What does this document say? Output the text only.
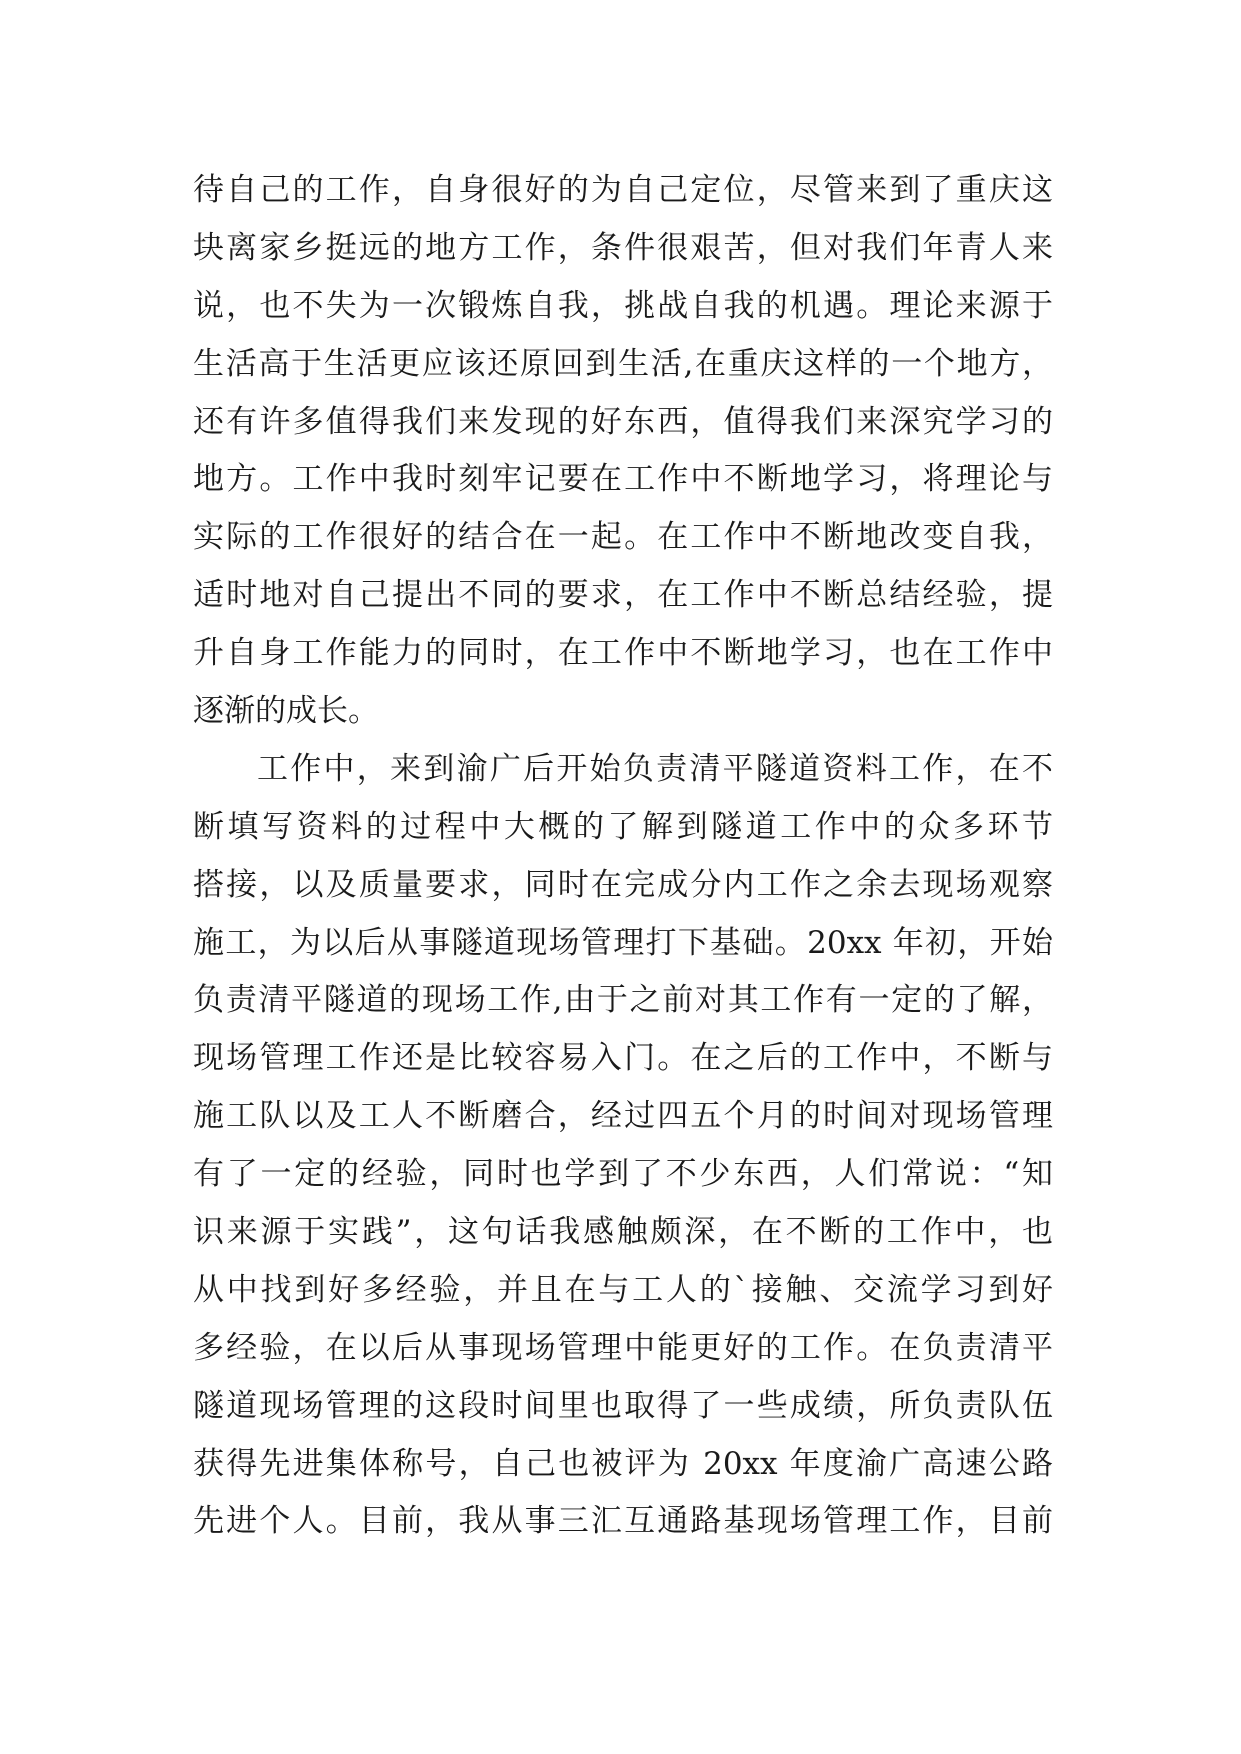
待自己的工作，自身很好的为自己定位，尽管来到了重庆这
块离家乡挺远的地方工作，条件很艰苦，但对我们年青人来
说，也不失为一次锻炼自我，挑战自我的机遇。理论来源于
生活高于生活更应该还原回到生活,在重庆这样的一个地方，
还有许多值得我们来发现的好东西，值得我们来深究学习的
地方。工作中我时刻牢记要在工作中不断地学习，将理论与
实际的工作很好的结合在一起。在工作中不断地改变自我，
适时地对自己提出不同的要求，在工作中不断总结经验，提
升自身工作能力的同时，在工作中不断地学习，也在工作中
逐渐的成长。
工作中，来到渝广后开始负责清平隧道资料工作，在不
断填写资料的过程中大概的了解到隧道工作中的众多环节
搭接，以及质量要求，同时在完成分内工作之余去现场观察
施工，为以后从事隧道现场管理打下基础。20xx 年初，开始
负责清平隧道的现场工作,由于之前对其工作有一定的了解，
现场管理工作还是比较容易入门。在之后的工作中，不断与
施工队以及工人不断磨合，经过四五个月的时间对现场管理
有了一定的经验，同时也学到了不少东西，人们常说：“知
识来源于实践”，这句话我感触颇深，在不断的工作中，也
从中找到好多经验，并且在与工人的`接触、交流学习到好
多经验，在以后从事现场管理中能更好的工作。在负责清平
隧道现场管理的这段时间里也取得了一些成绩，所负责队伍
获得先进集体称号，自己也被评为 20xx 年度渝广高速公路
先进个人。目前，我从事三汇互通路基现场管理工作，目前
